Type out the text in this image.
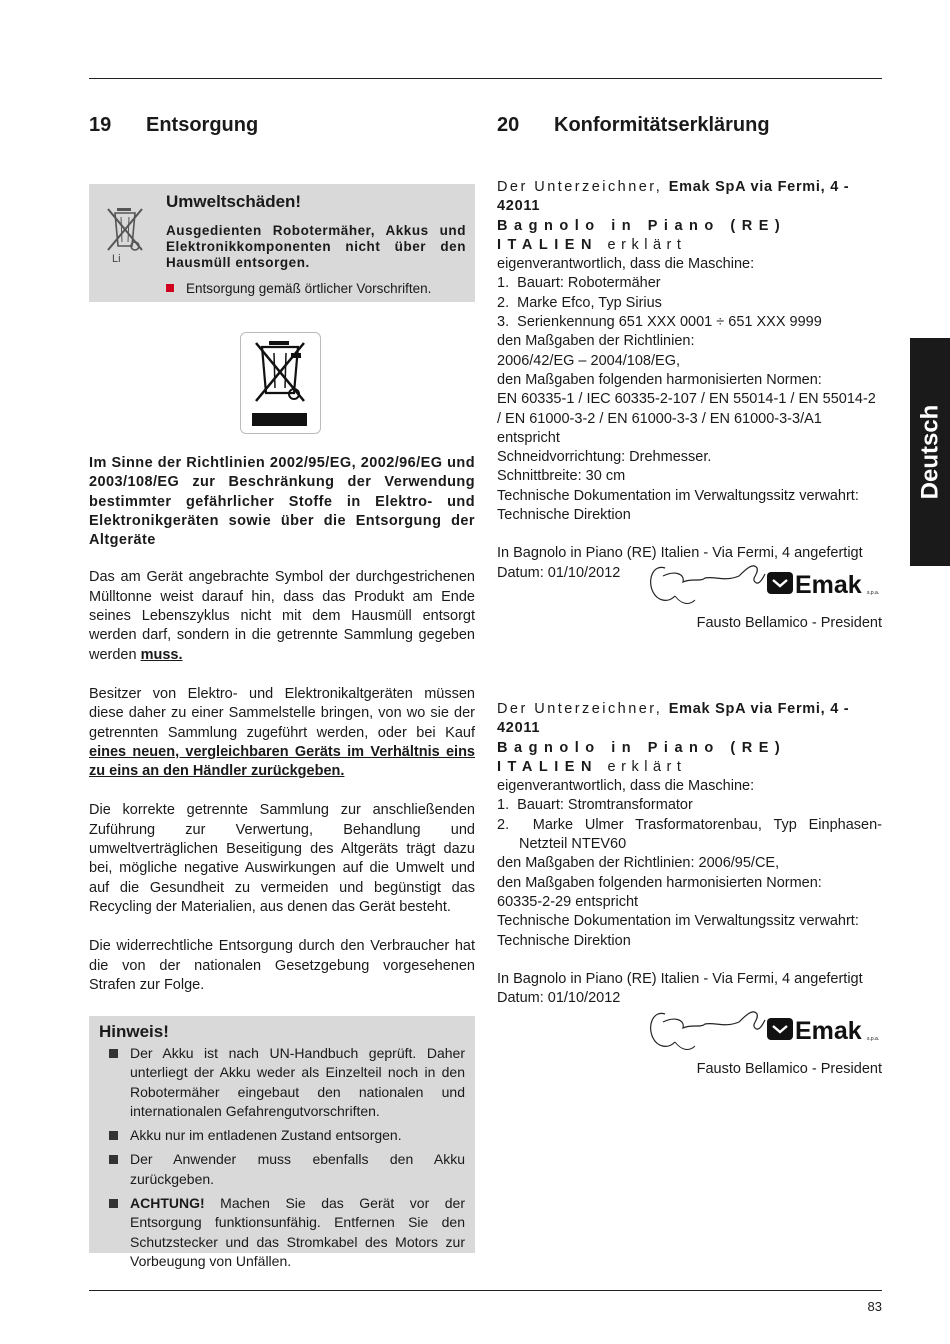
19 Entsorgung	20 Konformitätserklärung
Li
Umweltschäden!
Ausgedienten Robotermäher, Akkus und Elektronikkomponenten nicht über den Hausmüll entsorgen.
Entsorgung gemäß örtlicher Vorschriften.

Im Sinne der Richtlinien 2002/95/EG, 2002/96/EG und 2003/108/EG zur Beschränkung der Verwendung bestimmter gefährlicher Stoffe in Elektro- und Elektronikgeräten sowie über die Entsorgung der Altgeräte

Das am Gerät angebrachte Symbol der durchgestrichenen Mülltonne weist darauf hin, dass das Produkt am Ende seines Lebenszyklus nicht mit dem Hausmüll entsorgt werden darf, sondern in die getrennte Sammlung gegeben werden muss.

Besitzer von Elektro- und Elektronikaltgeräten müssen diese daher zu einer Sammelstelle bringen, von wo sie der getrennten Sammlung zugeführt werden, oder bei Kauf eines neuen, vergleichbaren Geräts im Verhältnis eins zu eins an den Händler zurückgeben.

Die korrekte getrennte Sammlung zur anschließenden Zuführung zur Verwertung, Behandlung und umweltverträglichen Beseitigung des Altgeräts trägt dazu bei, mögliche negative Auswirkungen auf die Umwelt und auf die Gesundheit zu vermeiden und begünstigt das Recycling der Materialien, aus denen das Gerät besteht.

Die widerrechtliche Entsorgung durch den Verbraucher hat die von der nationalen Gesetzgebung vorgesehenen Strafen zur Folge.

Hinweis!
Der Akku ist nach UN-Handbuch geprüft. Daher unterliegt der Akku weder als Einzelteil noch in den Robotermäher eingebaut den nationalen und internationalen Gefahrengutvorschriften.
Akku nur im entladenen Zustand entsorgen.
Der Anwender muss ebenfalls den Akku zurückgeben.
ACHTUNG! Machen Sie das Gerät vor der Entsorgung funktionsunfähig. Entfernen Sie den Schutzstecker und das Stromkabel des Motors zur Vorbeugung von Unfällen.

Der Unterzeichner, Emak SpA via Fermi, 4 - 42011
Bagnolo in Piano (RE) ITALIEN erklärt

eigenverantwortlich, dass die Maschine:
1.  Bauart: Robotermäher
2.  Marke Efco, Typ Sirius
3.  Serienkennung 651 XXX 0001 ÷ 651 XXX 9999
den Maßgaben der Richtlinien:
2006/42/EG – 2004/108/EG,
den Maßgaben folgenden harmonisierten Normen:
EN 60335-1 / IEC 60335-2-107 / EN 55014-1 / EN 55014-2 / EN 61000-3-2 / EN 61000-3-3 / EN 61000-3-3/A1 entspricht
Schneidvorrichtung: Drehmesser.
Schnittbreite: 30 cm
Technische Dokumentation im Verwaltungssitz verwahrt: Technische Direktion
In Bagnolo in Piano (RE) Italien - Via Fermi, 4 angefertigt
Datum: 01/10/2012	Emak s.p.a.
Fausto Bellamico - President

Der Unterzeichner, Emak SpA via Fermi, 4 - 42011
Bagnolo in Piano (RE) ITALIEN erklärt

eigenverantwortlich, dass die Maschine:
1.  Bauart: Stromtransformator
2.  Marke Ulmer Trasformatorenbau, Typ Einphasen-Netzteil NTEV60
den Maßgaben der Richtlinien: 2006/95/CE,
den Maßgaben folgenden harmonisierten Normen:
60335-2-29 entspricht
Technische Dokumentation im Verwaltungssitz verwahrt: Technische Direktion
In Bagnolo in Piano (RE) Italien - Via Fermi, 4 angefertigt
Datum: 01/10/2012
Emak s.p.a.
Fausto Bellamico - President
Deutsch
83
